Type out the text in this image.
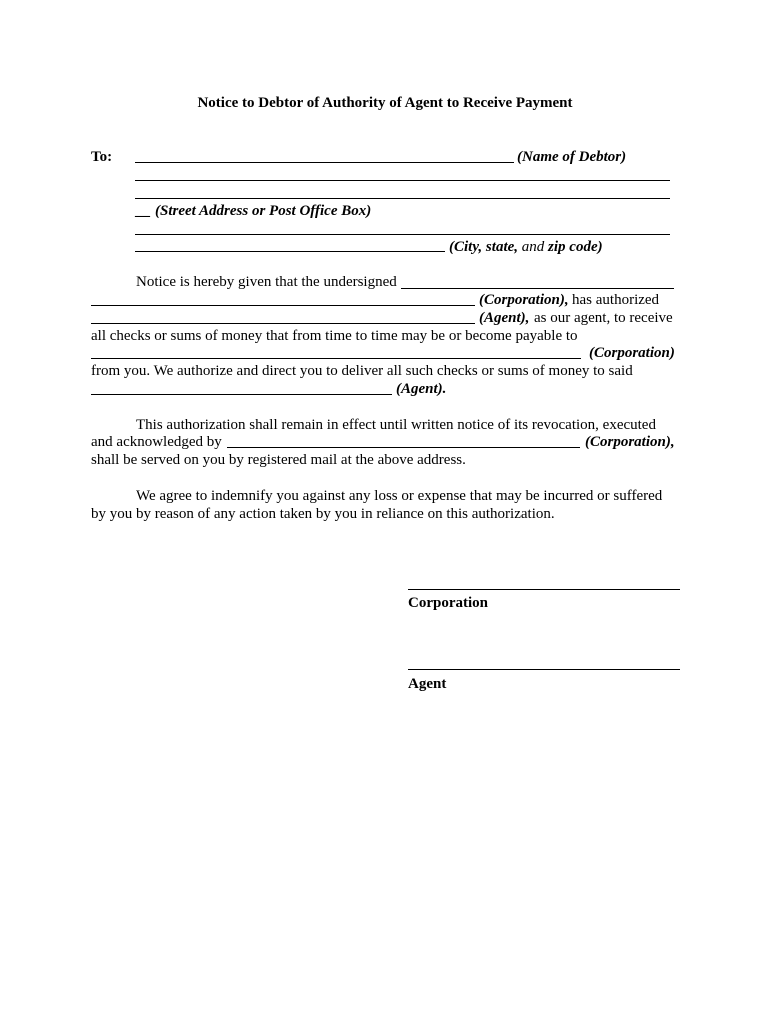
Notice to Debtor of Authority of Agent to Receive Payment
To:	(Name of Debtor)
__ (Street Address or Post Office Box)
(City, state, and zip code)
Notice is hereby given that the undersigned
(Corporation), has authorized
(Agent), as our agent, to receive
all checks or sums of money that from time to time may be or become payable to
(Corporation)
from you. We authorize and direct you to deliver all such checks or sums of money to said
(Agent).
This authorization shall remain in effect until written notice of its revocation, executed
and acknowledged by	(Corporation),
shall be served on you by registered mail at the above address.
We agree to indemnify you against any loss or expense that may be incurred or suffered
by you by reason of any action taken by you in reliance on this authorization.
Corporation
Agent
